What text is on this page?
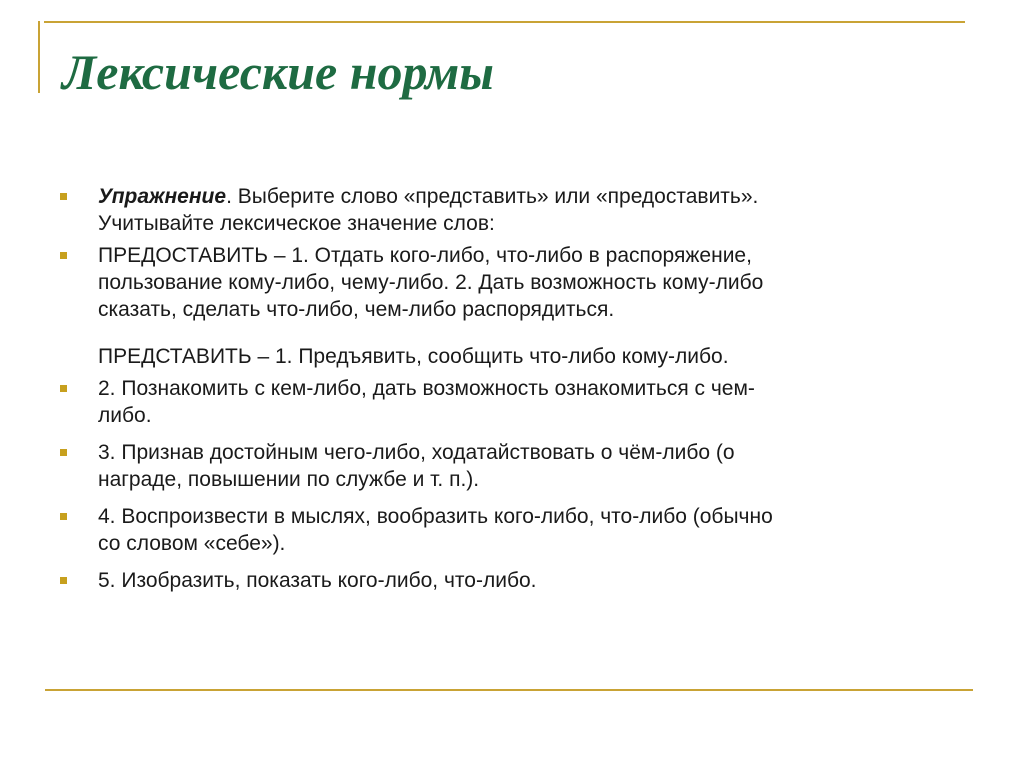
Лексические нормы
Упражнение. Выберите слово «представить» или «предоставить».
Учитывайте лексическое значение слов:
ПРЕДОСТАВИТЬ – 1. Отдать кого-либо, что-либо в распоряжение,
пользование кому-либо, чему-либо. 2. Дать возможность кому-либо
сказать, сделать что-либо, чем-либо распорядиться.
ПРЕДСТАВИТЬ – 1. Предъявить, сообщить что-либо кому-либо.
2. Познакомить с кем-либо, дать возможность ознакомиться с чем-
либо.
3. Признав достойным чего-либо, ходатайствовать о чём-либо (о
награде, повышении по службе и т. п.).
4. Воспроизвести в мыслях, вообразить кого-либо, что-либо (обычно
со словом «себе»).
5. Изобразить, показать кого-либо, что-либо.
